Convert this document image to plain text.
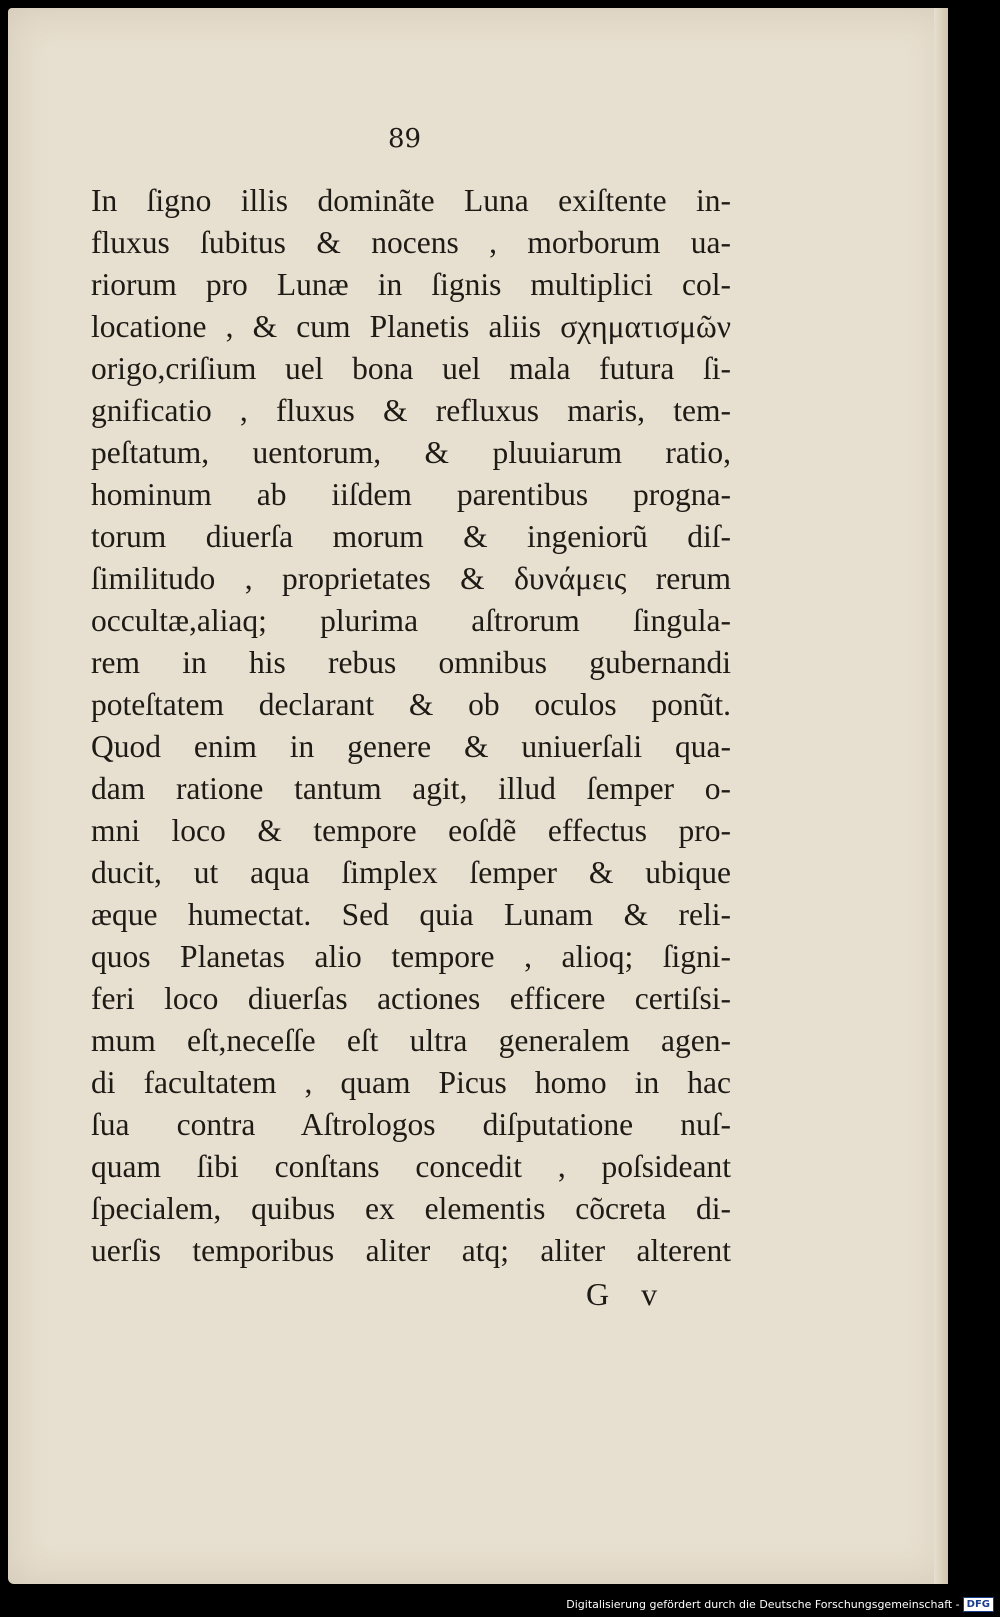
89
In ſigno illis dominãte Luna exiſtente in-
fluxus ſubitus & nocens , morborum ua-
riorum pro Lunæ in ſignis multiplici col-
locatione , & cum Planetis aliis σχηματισμῶν
origo,criſium uel bona uel mala futura ſi-
gnificatio , fluxus & refluxus maris, tem-
peſtatum, uentorum, & pluuiarum ratio,
hominum ab iiſdem parentibus progna-
torum diuerſa morum & ingeniorũ diſ-
ſimilitudo , proprietates & δυνάμεις rerum
occultæ,aliaq; plurima aſtrorum ſingula-
rem in his rebus omnibus gubernandi
poteſtatem declarant & ob oculos ponũt.
Quod enim in genere & uniuerſali qua-
dam ratione tantum agit, illud ſemper o-
mni loco & tempore eoſdẽ effectus pro-
ducit, ut aqua ſimplex ſemper & ubique
æque humectat. Sed quia Lunam & reli-
quos Planetas alio tempore , alioq; ſigni-
feri loco diuerſas actiones efficere certiſsi-
mum eſt,neceſſe eſt ultra generalem agen-
di facultatem , quam Picus homo in hac
ſua contra Aſtrologos diſputatione nuſ-
quam ſibi conſtans concedit , poſsideant
ſpecialem, quibus ex elementis cõcreta di-
uerſis temporibus aliter atq; aliter alterent
G v
Digitalisierung gefördert durch die Deutsche Forschungsgemeinschaft - DFG
